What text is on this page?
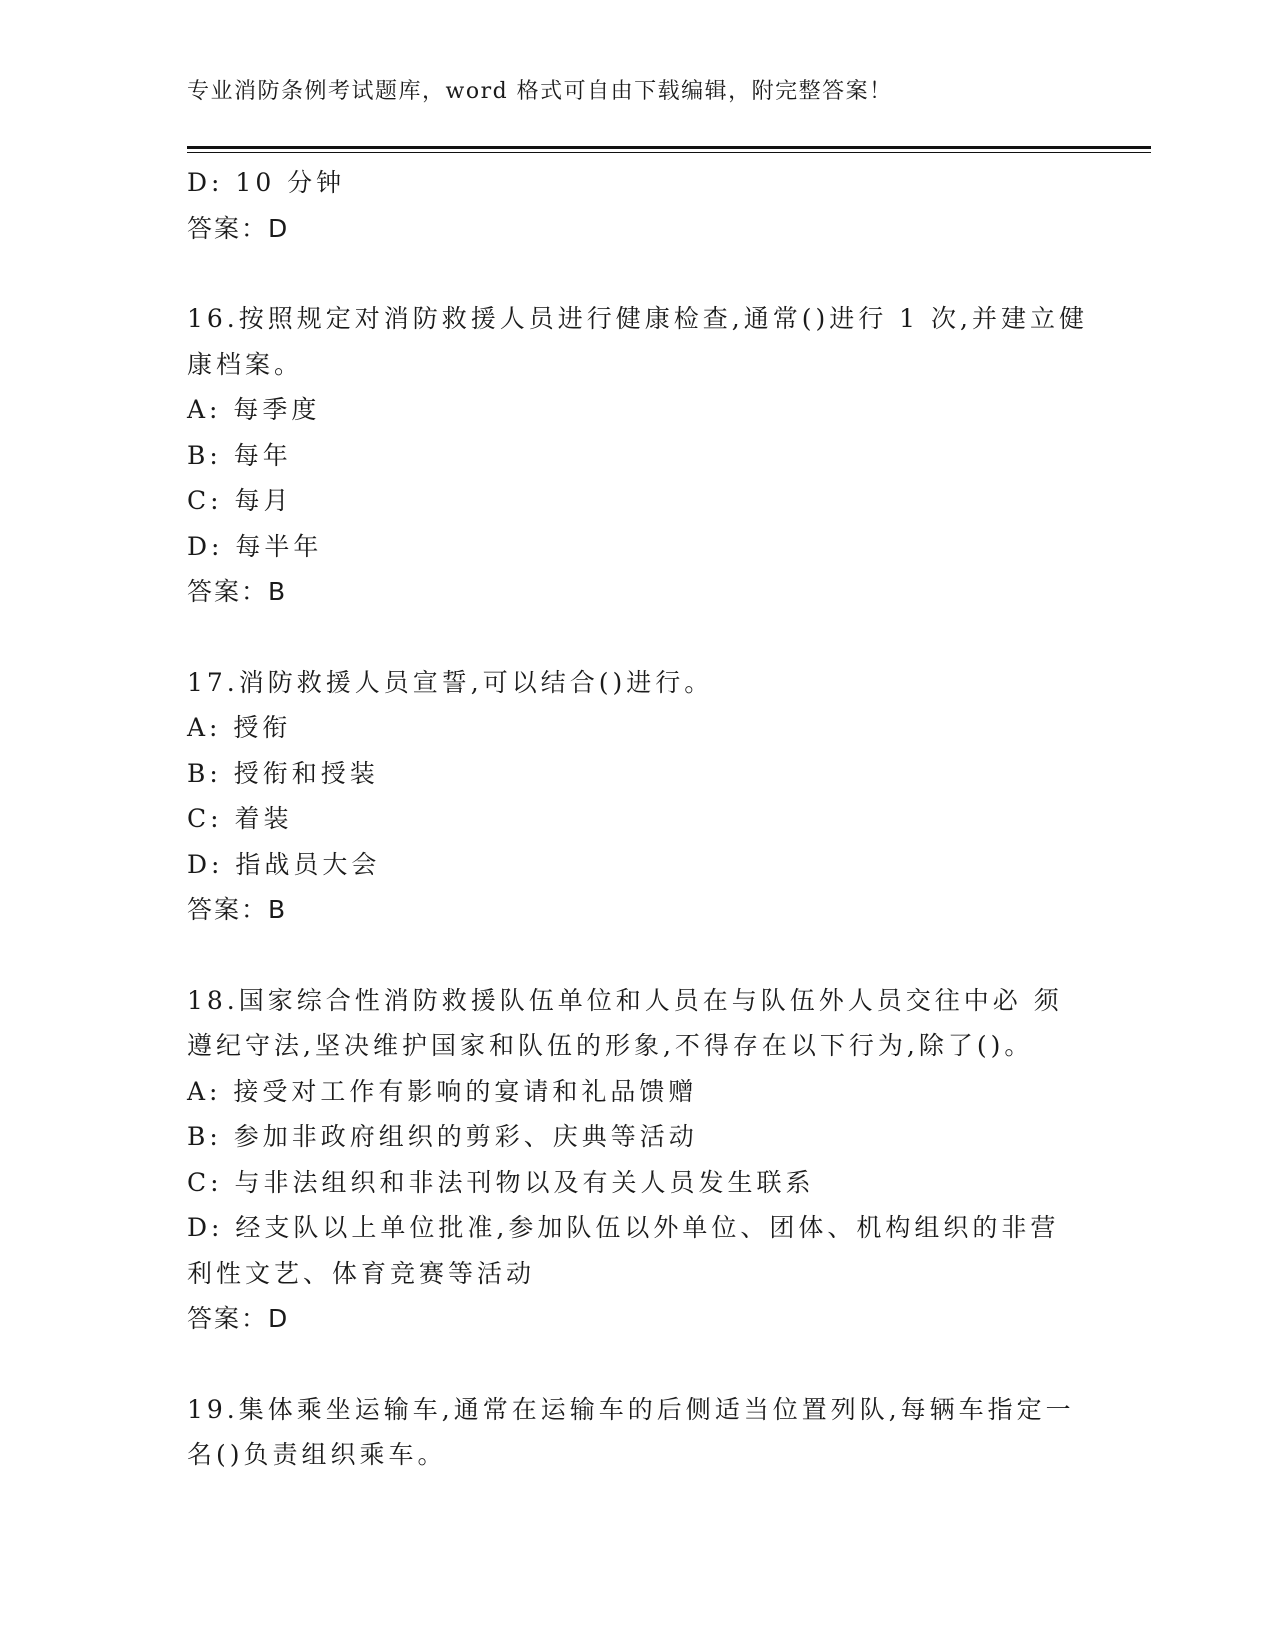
专业消防条例考试题库，word 格式可自由下载编辑，附完整答案！
D: 10 分钟
答案：D
16.按照规定对消防救援人员进行健康检查,通常()进行 1 次,并建立健
康档案。
A: 每季度
B: 每年
C: 每月
D: 每半年
答案：B
17.消防救援人员宣誓,可以结合()进行。
A: 授衔
B: 授衔和授装
C: 着装
D: 指战员大会
答案：B
18.国家综合性消防救援队伍单位和人员在与队伍外人员交往中必 须
遵纪守法,坚决维护国家和队伍的形象,不得存在以下行为,除了()。
A: 接受对工作有影响的宴请和礼品馈赠
B: 参加非政府组织的剪彩、庆典等活动
C: 与非法组织和非法刊物以及有关人员发生联系
D: 经支队以上单位批准,参加队伍以外单位、团体、机构组织的非营
利性文艺、体育竞赛等活动
答案：D
19.集体乘坐运输车,通常在运输车的后侧适当位置列队,每辆车指定一
名()负责组织乘车。
